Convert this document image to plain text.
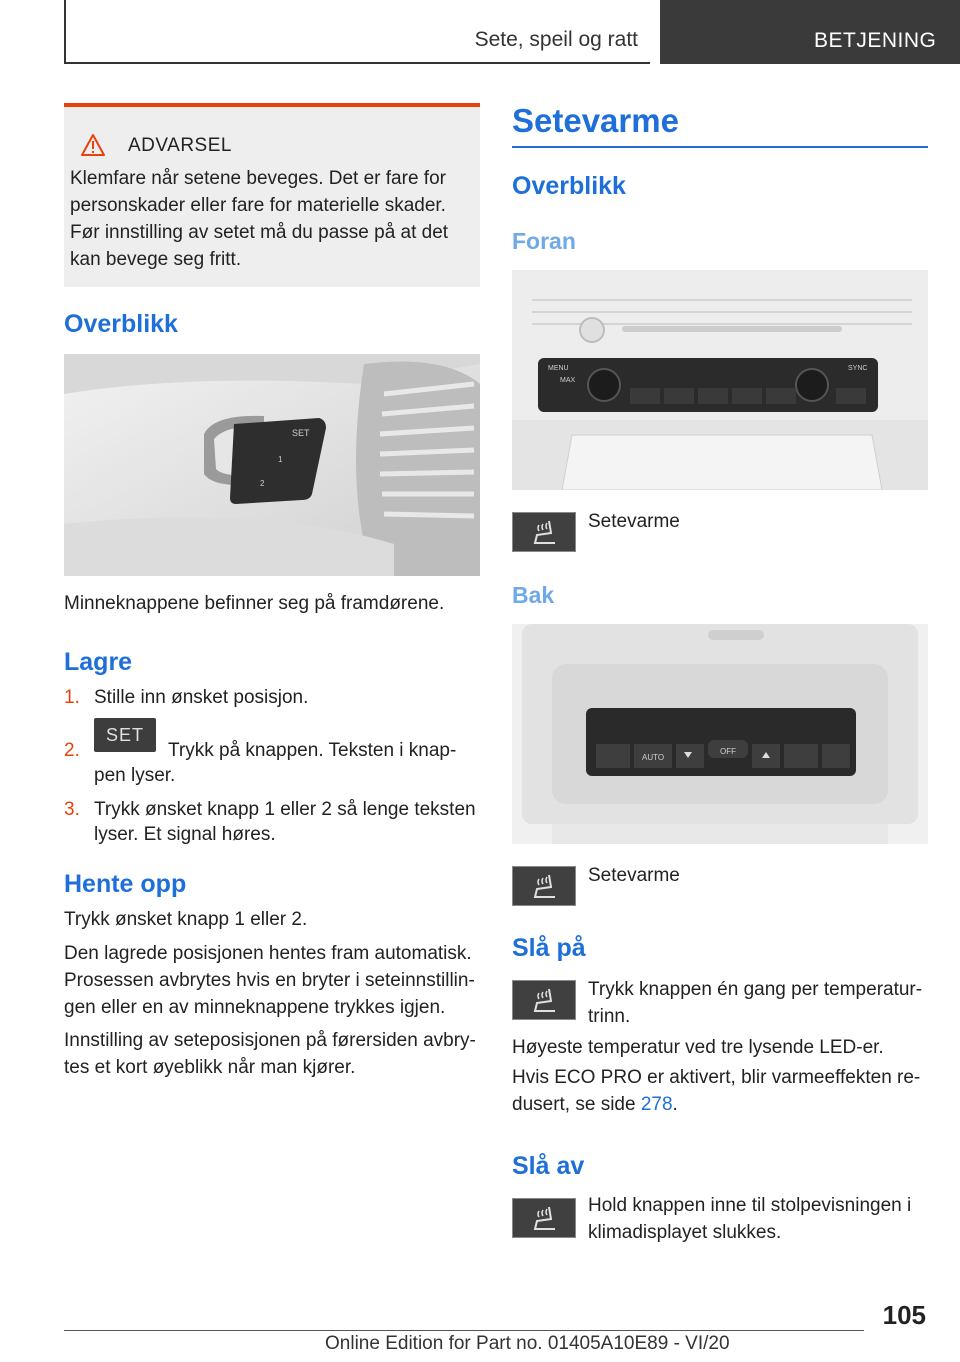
Sete, speil og ratt	BETJENING
ADVARSEL
Klemfare når setene beveges. Det er fare for personskader eller fare for materielle skader. Før innstilling av setet må du passe på at det kan bevege seg fritt.
Overblikk
SET
1
2

Minneknappene befinner seg på framdørene.

Lagre
1. Stille inn ønsket posisjon.
2.
SET
Trykk på knappen. Teksten i knap-
pen lyser.
3. Trykk ønsket knapp 1 eller 2 så lenge teksten
lyser. Et signal høres.
Hente opp

Trykk ønsket knapp 1 eller 2.

Den lagrede posisjonen hentes fram automatisk.

Prosessen avbrytes hvis en bryter i seteinnstillin-gen eller en av minneknappene trykkes igjen.

Innstilling av seteposisjonen på førersiden avbry-tes et kort øyeblikk når man kjører.

Setevarme
Overblikk
Foran
MENU
MAX
SYNC

Setevarme

Bak
AUTO
OFF

Setevarme

Slå på

Trykk knappen én gang per temperatur-trinn.

Høyeste temperatur ved tre lysende LED-er.

Hvis ECO PRO er aktivert, blir varmeeffekten re-dusert, se side 278.

Slå av

Hold knappen inne til stolpevisningen i klimadisplayet slukkes.

105
Online Edition for Part no. 01405A10E89 - VI/20
